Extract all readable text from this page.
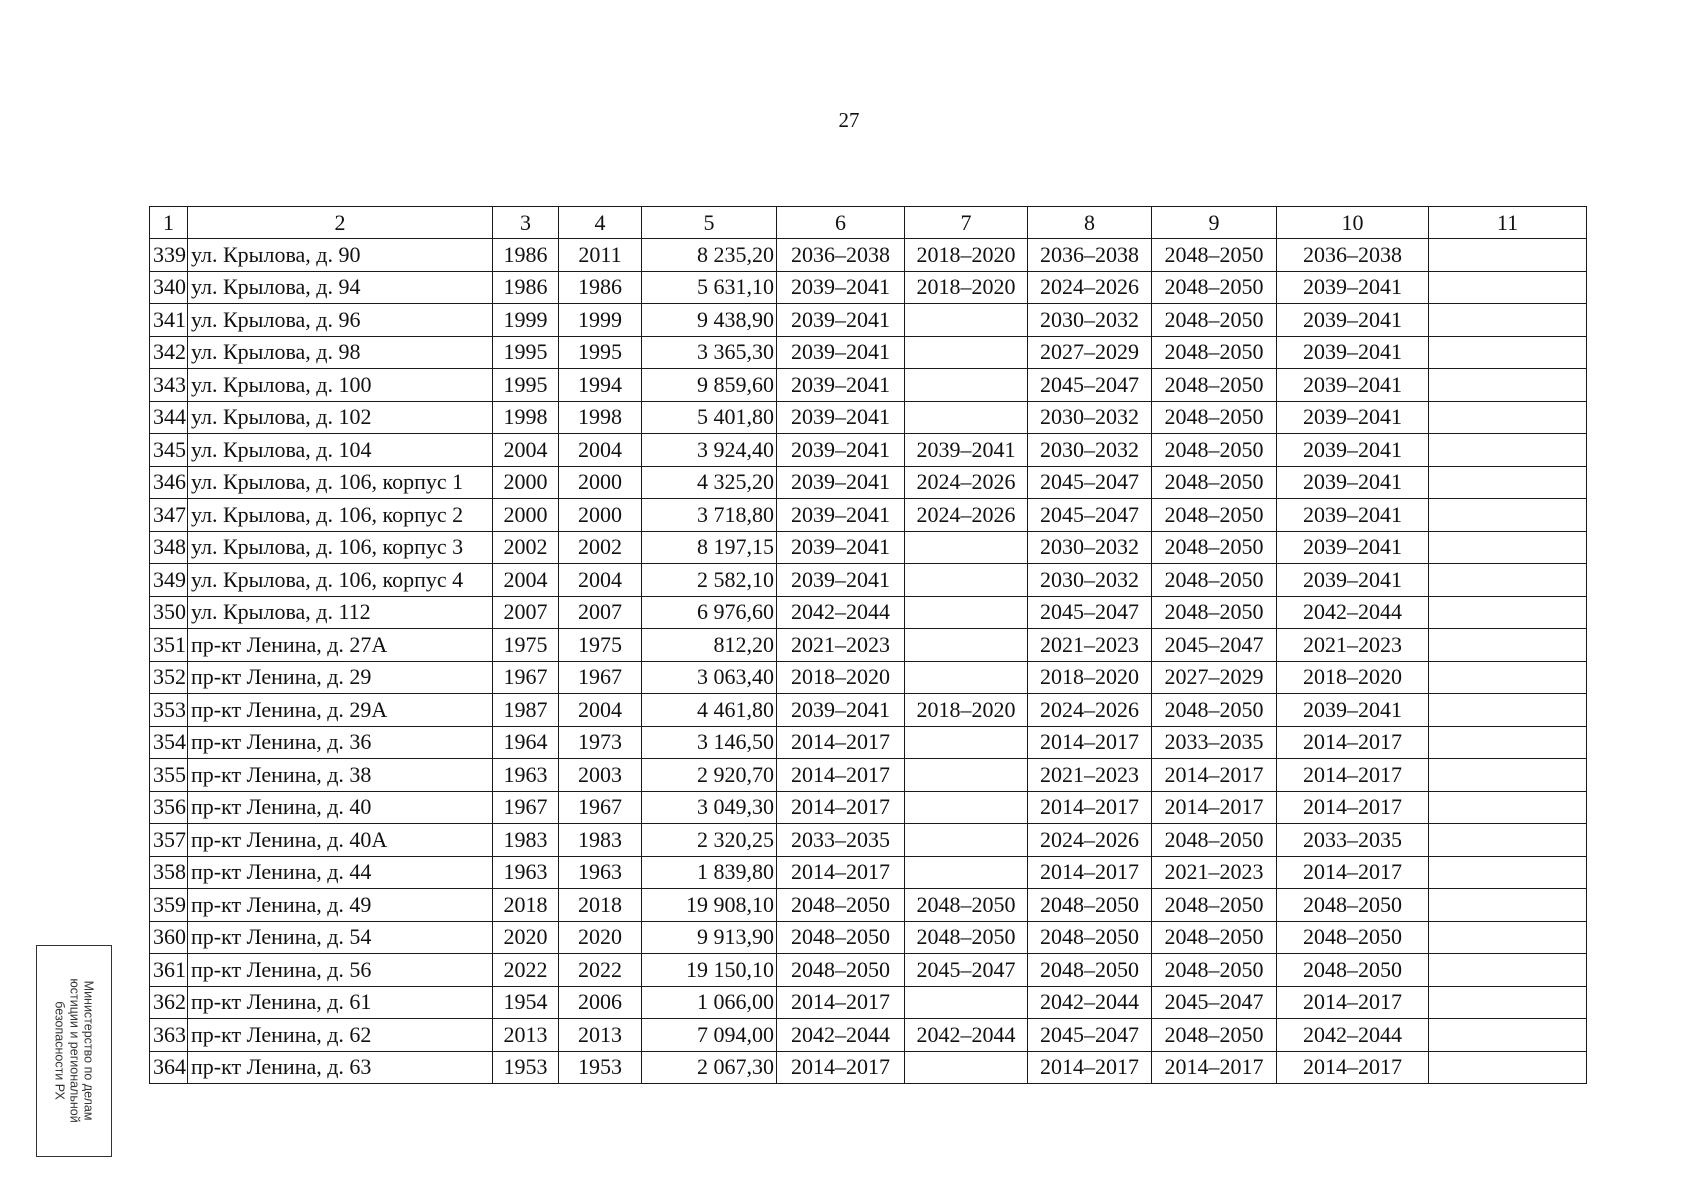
27
1	2	3	4	5	6	7	8	9	10	11
339	ул. Крылова, д. 90	1986	2011	8 235,20	2036–2038	2018–2020	2036–2038	2048–2050	2036–2038	
340	ул. Крылова, д. 94	1986	1986	5 631,10	2039–2041	2018–2020	2024–2026	2048–2050	2039–2041	
341	ул. Крылова, д. 96	1999	1999	9 438,90	2039–2041		2030–2032	2048–2050	2039–2041	
342	ул. Крылова, д. 98	1995	1995	3 365,30	2039–2041		2027–2029	2048–2050	2039–2041	
343	ул. Крылова, д. 100	1995	1994	9 859,60	2039–2041		2045–2047	2048–2050	2039–2041	
344	ул. Крылова, д. 102	1998	1998	5 401,80	2039–2041		2030–2032	2048–2050	2039–2041	
345	ул. Крылова, д. 104	2004	2004	3 924,40	2039–2041	2039–2041	2030–2032	2048–2050	2039–2041	
346	ул. Крылова, д. 106, корпус 1	2000	2000	4 325,20	2039–2041	2024–2026	2045–2047	2048–2050	2039–2041	
347	ул. Крылова, д. 106, корпус 2	2000	2000	3 718,80	2039–2041	2024–2026	2045–2047	2048–2050	2039–2041	
348	ул. Крылова, д. 106, корпус 3	2002	2002	8 197,15	2039–2041		2030–2032	2048–2050	2039–2041	
349	ул. Крылова, д. 106, корпус 4	2004	2004	2 582,10	2039–2041		2030–2032	2048–2050	2039–2041	
350	ул. Крылова, д. 112	2007	2007	6 976,60	2042–2044		2045–2047	2048–2050	2042–2044	
351	пр-кт Ленина, д. 27А	1975	1975	812,20	2021–2023		2021–2023	2045–2047	2021–2023	
352	пр-кт Ленина, д. 29	1967	1967	3 063,40	2018–2020		2018–2020	2027–2029	2018–2020	
353	пр-кт Ленина, д. 29А	1987	2004	4 461,80	2039–2041	2018–2020	2024–2026	2048–2050	2039–2041	
354	пр-кт Ленина, д. 36	1964	1973	3 146,50	2014–2017		2014–2017	2033–2035	2014–2017	
355	пр-кт Ленина, д. 38	1963	2003	2 920,70	2014–2017		2021–2023	2014–2017	2014–2017	
356	пр-кт Ленина, д. 40	1967	1967	3 049,30	2014–2017		2014–2017	2014–2017	2014–2017	
357	пр-кт Ленина, д. 40А	1983	1983	2 320,25	2033–2035		2024–2026	2048–2050	2033–2035	
358	пр-кт Ленина, д. 44	1963	1963	1 839,80	2014–2017		2014–2017	2021–2023	2014–2017	
359	пр-кт Ленина, д. 49	2018	2018	19 908,10	2048–2050	2048–2050	2048–2050	2048–2050	2048–2050	
360	пр-кт Ленина, д. 54	2020	2020	9 913,90	2048–2050	2048–2050	2048–2050	2048–2050	2048–2050	
361	пр-кт Ленина, д. 56	2022	2022	19 150,10	2048–2050	2045–2047	2048–2050	2048–2050	2048–2050	
362	пр-кт Ленина, д. 61	1954	2006	1 066,00	2014–2017		2042–2044	2045–2047	2014–2017	
363	пр-кт Ленина, д. 62	2013	2013	7 094,00	2042–2044	2042–2044	2045–2047	2048–2050	2042–2044	
364	пр-кт Ленина, д. 63	1953	1953	2 067,30	2014–2017		2014–2017	2014–2017	2014–2017	
Министерство по делам
юстиции и региональной
безопасности РХ
